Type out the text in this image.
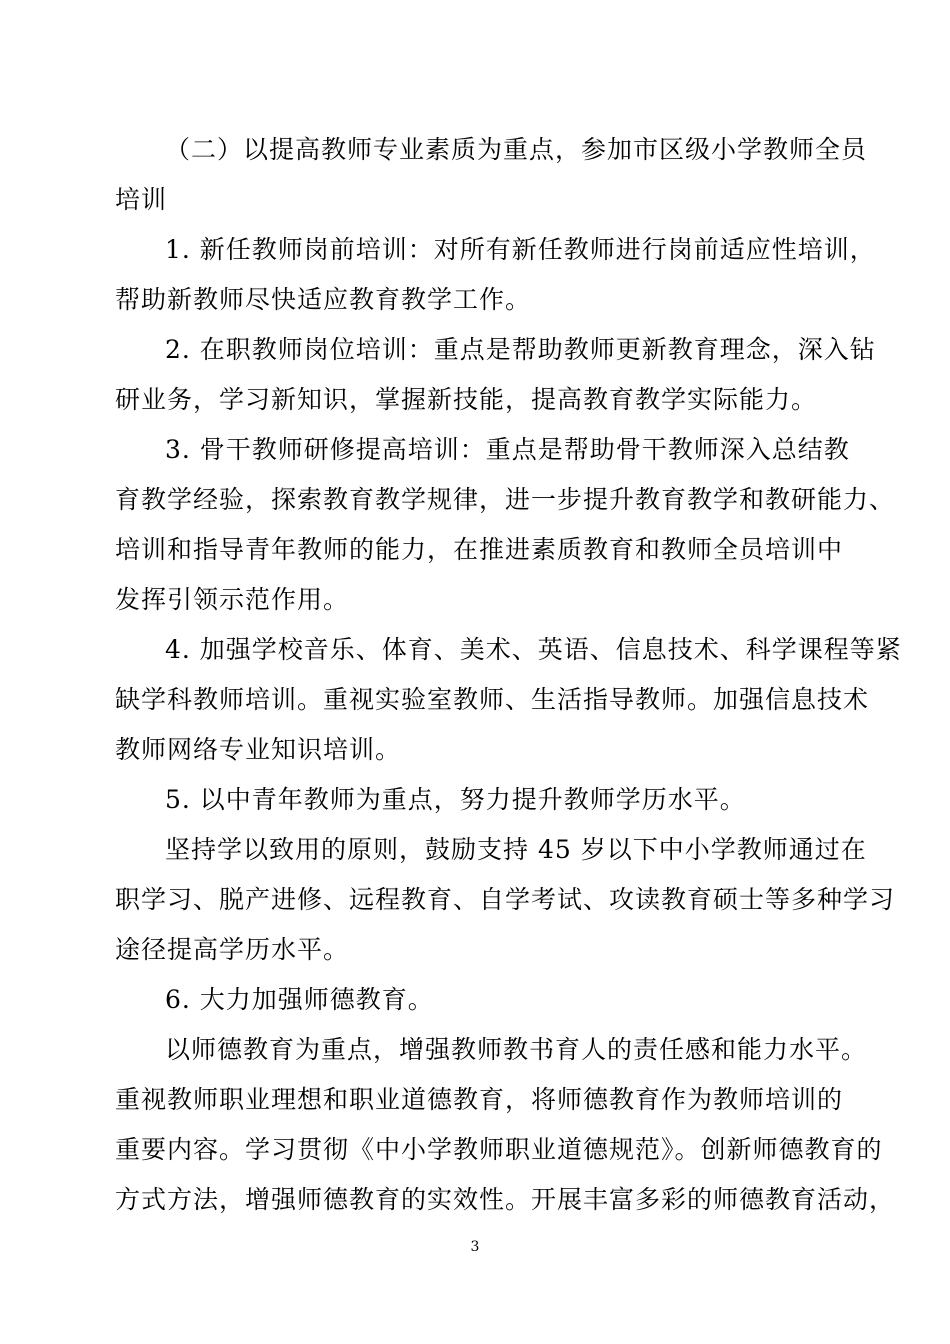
（二）以提高教师专业素质为重点，参加市区级小学教师全员
培训
1. 新任教师岗前培训：对所有新任教师进行岗前适应性培训，
帮助新教师尽快适应教育教学工作。
2. 在职教师岗位培训：重点是帮助教师更新教育理念，深入钻
研业务，学习新知识，掌握新技能，提高教育教学实际能力。
3. 骨干教师研修提高培训：重点是帮助骨干教师深入总结教
育教学经验，探索教育教学规律，进一步提升教育教学和教研能力、
培训和指导青年教师的能力，在推进素质教育和教师全员培训中
发挥引领示范作用。
4. 加强学校音乐、体育、美术、英语、信息技术、科学课程等紧
缺学科教师培训。重视实验室教师、生活指导教师。加强信息技术
教师网络专业知识培训。
5. 以中青年教师为重点，努力提升教师学历水平。
坚持学以致用的原则，鼓励支持 45 岁以下中小学教师通过在
职学习、脱产进修、远程教育、自学考试、攻读教育硕士等多种学习
途径提高学历水平。
6. 大力加强师德教育。
以师德教育为重点，增强教师教书育人的责任感和能力水平。
重视教师职业理想和职业道德教育，将师德教育作为教师培训的
重要内容。学习贯彻《中小学教师职业道德规范》。创新师德教育的
方式方法，增强师德教育的实效性。开展丰富多彩的师德教育活动，
3
